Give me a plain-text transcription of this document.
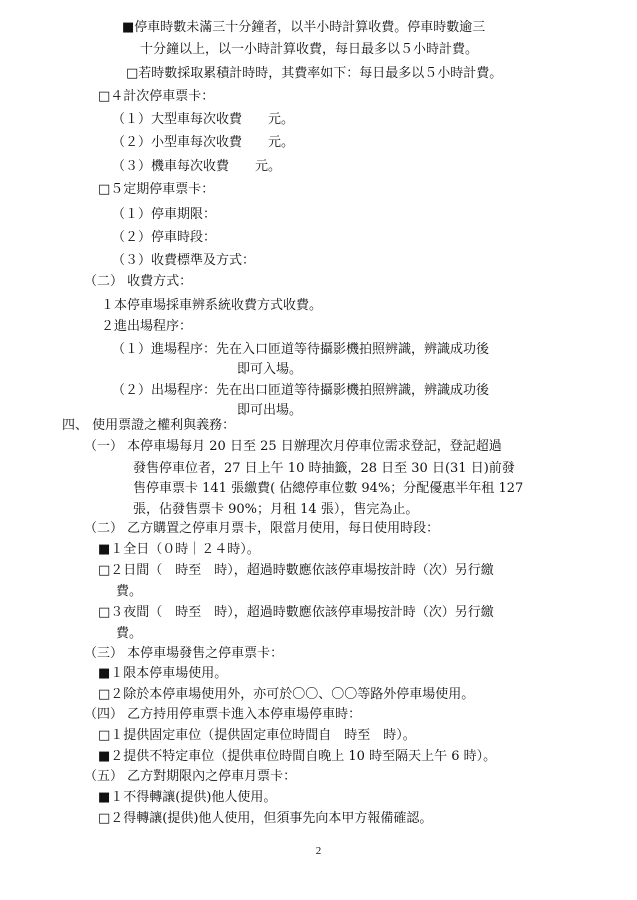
■停車時數未滿三十分鐘者，以半小時計算收費。停車時數逾三
十分鐘以上，以一小時計算收費，每日最多以５小時計費。
□若時數採取累積計時時，其費率如下：每日最多以５小時計費。
□４計次停車票卡：
（１）大型車每次收費　　元。
（２）小型車每次收費　　元。
（３）機車每次收費　　元。
□５定期停車票卡：
（１）停車期限：
（２）停車時段：
（３）收費標準及方式：
（二） 收費方式：
１本停車場採車辨系統收費方式收費。
２進出場程序：
（１）進場程序：先在入口匝道等待攝影機拍照辨識，辨識成功後
即可入場。
（２）出場程序：先在出口匝道等待攝影機拍照辨識，辨識成功後
即可出場。
四、 使用票證之權利與義務：
（一） 本停車場每月 20 日至 25 日辦理次月停車位需求登記，登記超過
發售停車位者，27 日上午 10 時抽籤，28 日至 30 日(31 日)前發
售停車票卡 141 張繳費( 佔總停車位數 94%；分配優惠半年租 127
張，佔發售票卡 90%；月租 14 張），售完為止。
（二） 乙方購置之停車月票卡，限當月使用，每日使用時段：
■１全日（０時｜２４時）。
□２日間（　時至　時），超過時數應依該停車場按計時（次）另行繳
費。
□３夜間（　時至　時），超過時數應依該停車場按計時（次）另行繳
費。
（三） 本停車場發售之停車票卡：
■１限本停車場使用。
□２除於本停車場使用外，亦可於〇〇、〇〇等路外停車場使用。
（四） 乙方持用停車票卡進入本停車場停車時：
□１提供固定車位（提供固定車位時間自　時至　時）。
■２提供不特定車位（提供車位時間自晚上 10 時至隔天上午 6 時）。
（五） 乙方對期限內之停車月票卡：
■１不得轉讓(提供)他人使用。
□２得轉讓(提供)他人使用，但須事先向本甲方報備確認。
2
